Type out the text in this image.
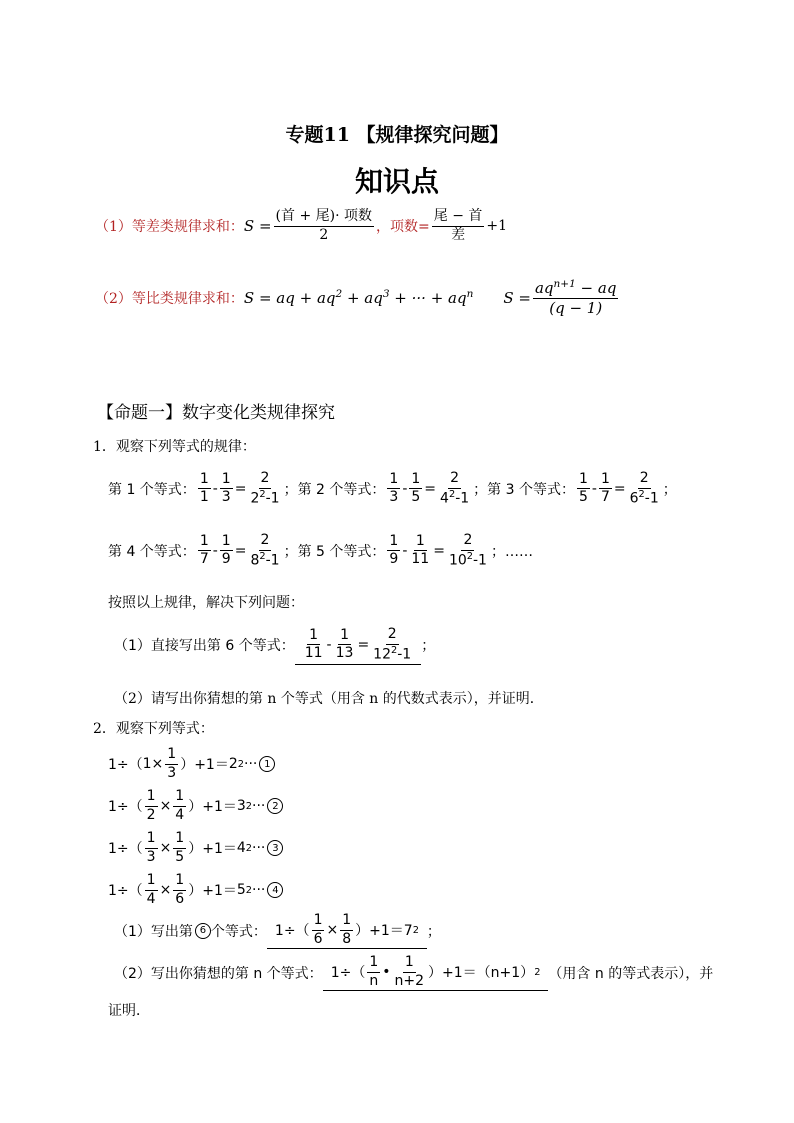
专题11 【规律探究问题】
知识点
（1）等差类规律求和： $S = \frac{\text{(首 + 尾)· 项数}}{2}$ ，项数= $\frac{\text{尾 − 首}}{\text{差}} +1$
（2）等比类规律求和： S = aq + $aq^2 + aq^3$ + ··· + $aq^n$ $S = \frac{aq^{n+1} - aq}{(q - 1)}$
【命题一】数字变化类规律探究
1．观察下列等式的规律：
第 1 个等式： $\frac{1}{1} - \frac{1}{3} = \frac{2}{2^2-1}$ ；第 2 个等式： $\frac{1}{3} - \frac{1}{5} = \frac{2}{4^2-1}$ ；第 3 个等式： $\frac{1}{5} - \frac{1}{7} = \frac{2}{6^2-1}$ ；
第 4 个等式： $\frac{1}{7} - \frac{1}{9} = \frac{2}{8^2-1}$ ；第 5 个等式： $\frac{1}{9} - \frac{1}{11} = \frac{2}{10^2-1}$ ；……
按照以上规律，解决下列问题：
（1）直接写出第 6 个等式： $\frac{1}{11} - \frac{1}{13} = \frac{2}{12^2-1}$ ；
（2）请写出你猜想的第 n 个等式（用含 n 的代数式表示），并证明．
2．观察下列等式：
1÷（ $1\times \frac{1}{3} )+1= 2$ 2 ··· 1
$1\div( \frac{1}{2} \times \frac{1}{4} )+1= 3$ 2 ··· 2
$1\div( \frac{1}{3} \times \frac{1}{5} )+1= 4$ 2 ··· 3
$1\div( \frac{1}{4} \times \frac{1}{6} )+1= 5$ 2 ··· 4
（1）写出第 6 个等式： $1\div( \frac{1}{6} \times \frac{1}{8} )+1=7$ 2 ；
（2）写出你猜想的第 n 个等式： $1\div( \frac{1}{n}$ • $\frac{1}{n+2} )+1=(n+1)$ 2 （用含 n 的等式表示），并
证明．
